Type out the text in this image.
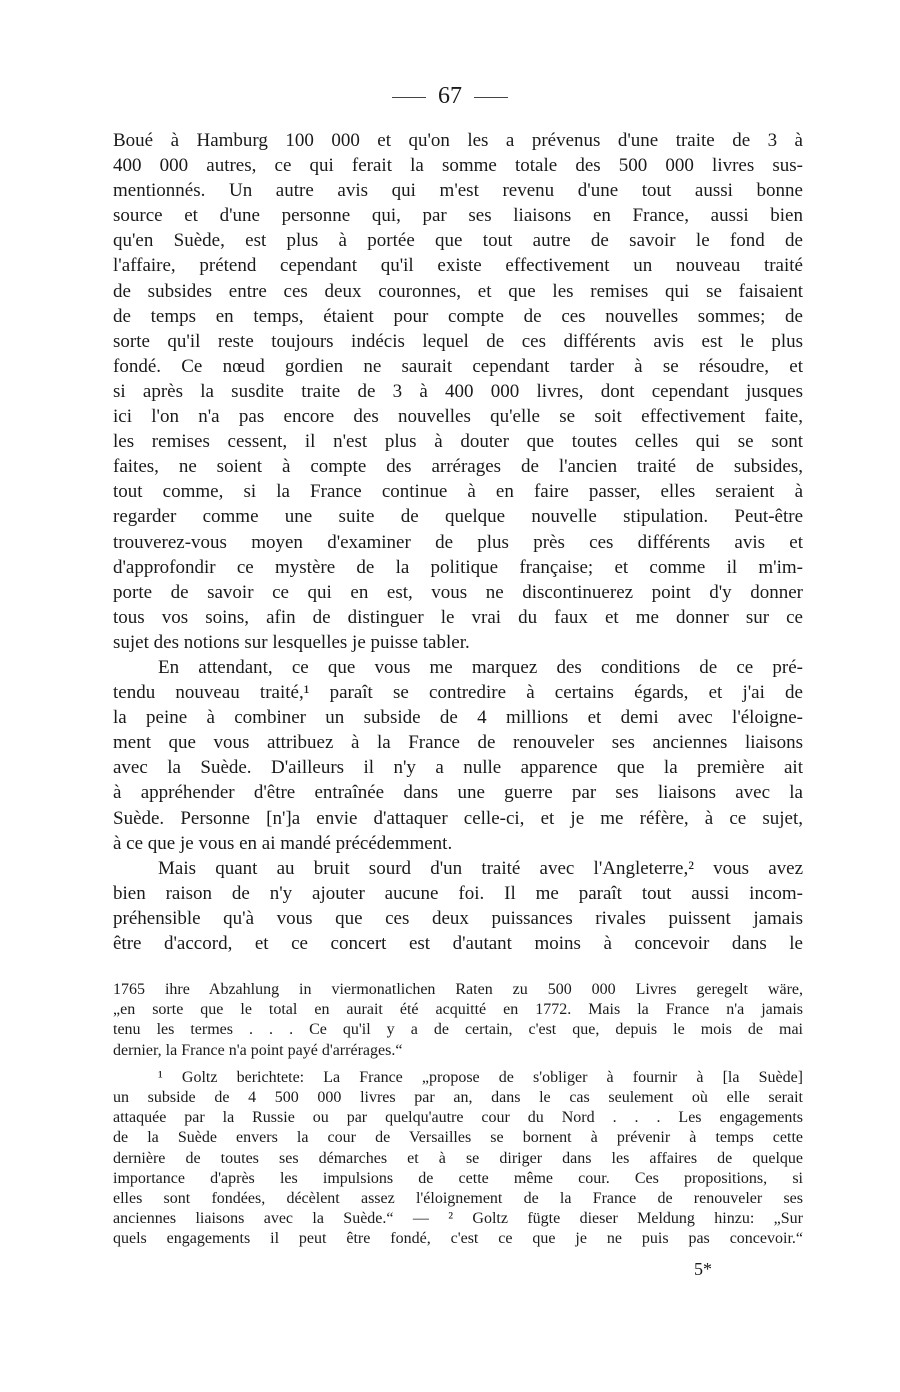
67
Boué à Hamburg 100 000 et qu'on les a prévenus d'une traite de 3 à
400 000 autres, ce qui ferait la somme totale des 500 000 livres sus-
mentionnés. Un autre avis qui m'est revenu d'une tout aussi bonne
source et d'une personne qui, par ses liaisons en France, aussi bien
qu'en Suède, est plus à portée que tout autre de savoir le fond de
l'affaire, prétend cependant qu'il existe effectivement un nouveau traité
de subsides entre ces deux couronnes, et que les remises qui se faisaient
de temps en temps, étaient pour compte de ces nouvelles sommes; de
sorte qu'il reste toujours indécis lequel de ces différents avis est le plus
fondé. Ce nœud gordien ne saurait cependant tarder à se résoudre, et
si après la susdite traite de 3 à 400 000 livres, dont cependant jusques
ici l'on n'a pas encore des nouvelles qu'elle se soit effectivement faite,
les remises cessent, il n'est plus à douter que toutes celles qui se sont
faites, ne soient à compte des arrérages de l'ancien traité de subsides,
tout comme, si la France continue à en faire passer, elles seraient à
regarder comme une suite de quelque nouvelle stipulation. Peut-être
trouverez-vous moyen d'examiner de plus près ces différents avis et
d'approfondir ce mystère de la politique française; et comme il m'im-
porte de savoir ce qui en est, vous ne discontinuerez point d'y donner
tous vos soins, afin de distinguer le vrai du faux et me donner sur ce
sujet des notions sur lesquelles je puisse tabler.
En attendant, ce que vous me marquez des conditions de ce pré-
tendu nouveau traité,¹ paraît se contredire à certains égards, et j'ai de
la peine à combiner un subside de 4 millions et demi avec l'éloigne-
ment que vous attribuez à la France de renouveler ses anciennes liaisons
avec la Suède. D'ailleurs il n'y a nulle apparence que la première ait
à appréhender d'être entraînée dans une guerre par ses liaisons avec la
Suède. Personne [n']a envie d'attaquer celle-ci, et je me réfère, à ce sujet,
à ce que je vous en ai mandé précédemment.
Mais quant au bruit sourd d'un traité avec l'Angleterre,² vous avez
bien raison de n'y ajouter aucune foi. Il me paraît tout aussi incom-
préhensible qu'à vous que ces deux puissances rivales puissent jamais
être d'accord, et ce concert est d'autant moins à concevoir dans le
1765 ihre Abzahlung in viermonatlichen Raten zu 500 000 Livres geregelt wäre,
„en sorte que le total en aurait été acquitté en 1772. Mais la France n'a jamais
tenu les termes . . . Ce qu'il y a de certain, c'est que, depuis le mois de mai
dernier, la France n'a point payé d'arrérages.“
¹ Goltz berichtete: La France „propose de s'obliger à fournir à [la Suède]
un subside de 4 500 000 livres par an, dans le cas seulement où elle serait
attaquée par la Russie ou par quelqu'autre cour du Nord . . . Les engagements
de la Suède envers la cour de Versailles se bornent à prévenir à temps cette
dernière de toutes ses démarches et à se diriger dans les affaires de quelque
importance d'après les impulsions de cette même cour. Ces propositions, si
elles sont fondées, décèlent assez l'éloignement de la France de renouveler ses
anciennes liaisons avec la Suède.“ — ² Goltz fügte dieser Meldung hinzu: „Sur
quels engagements il peut être fondé, c'est ce que je ne puis pas concevoir.“
5*
